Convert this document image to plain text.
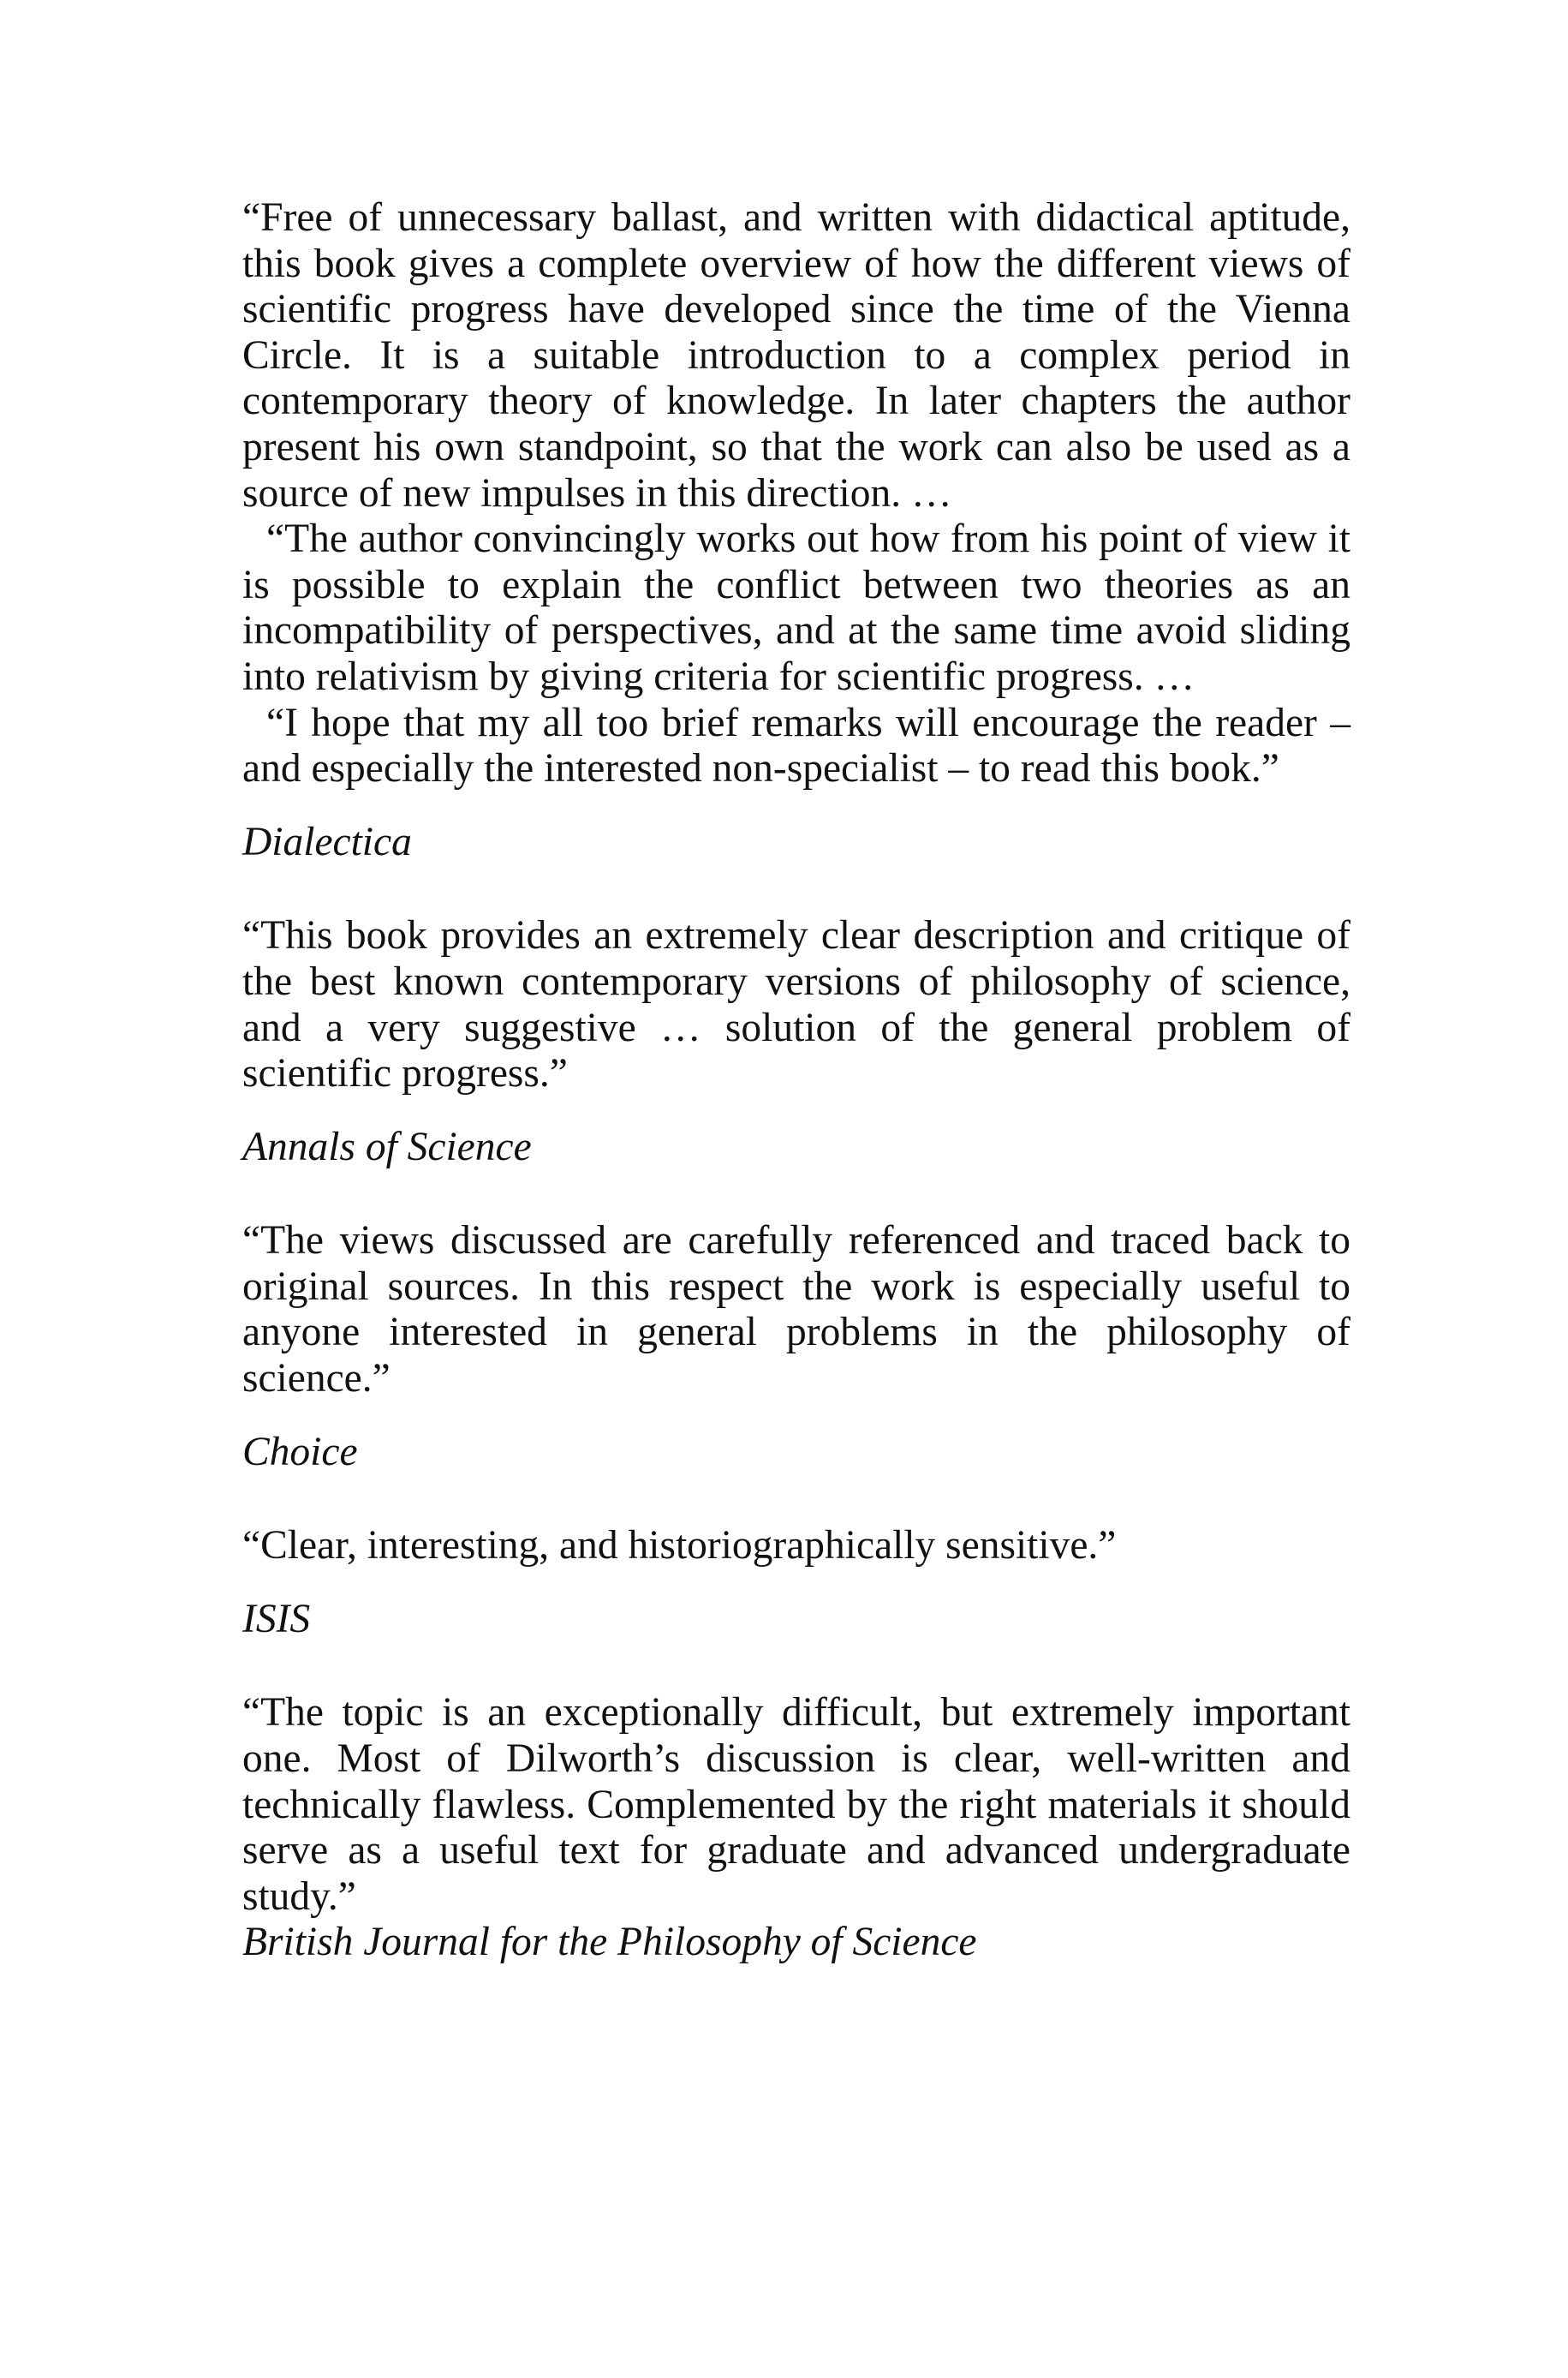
“Free of unnecessary ballast, and written with didactical aptitude, this book gives a complete overview of how the different views of scientific progress have developed since the time of the Vienna Circle. It is a suitable introduction to a complex period in contemporary theory of knowledge. In later chapters the author present his own standpoint, so that the work can also be used as a source of new impulses in this direction. …

“The author convincingly works out how from his point of view it is possible to explain the conflict between two theories as an incompatibility of perspectives, and at the same time avoid sliding into relativism by giving criteria for scientific progress. …

“I hope that my all too brief remarks will encourage the reader – and especially the interested non-specialist – to read this book.”

Dialectica

“This book provides an extremely clear description and critique of the best known contemporary versions of philosophy of science, and a very suggestive … solution of the general problem of scientific progress.”

Annals of Science

“The views discussed are carefully referenced and traced back to original sources. In this respect the work is especially useful to anyone interested in general problems in the philosophy of science.”

Choice

“Clear, interesting, and historiographically sensitive.”

ISIS

“The topic is an exceptionally difficult, but extremely important one. Most of Dilworth’s discussion is clear, well-written and technically flawless. Complemented by the right materials it should serve as a useful text for graduate and advanced undergraduate study.”

British Journal for the Philosophy of Science
